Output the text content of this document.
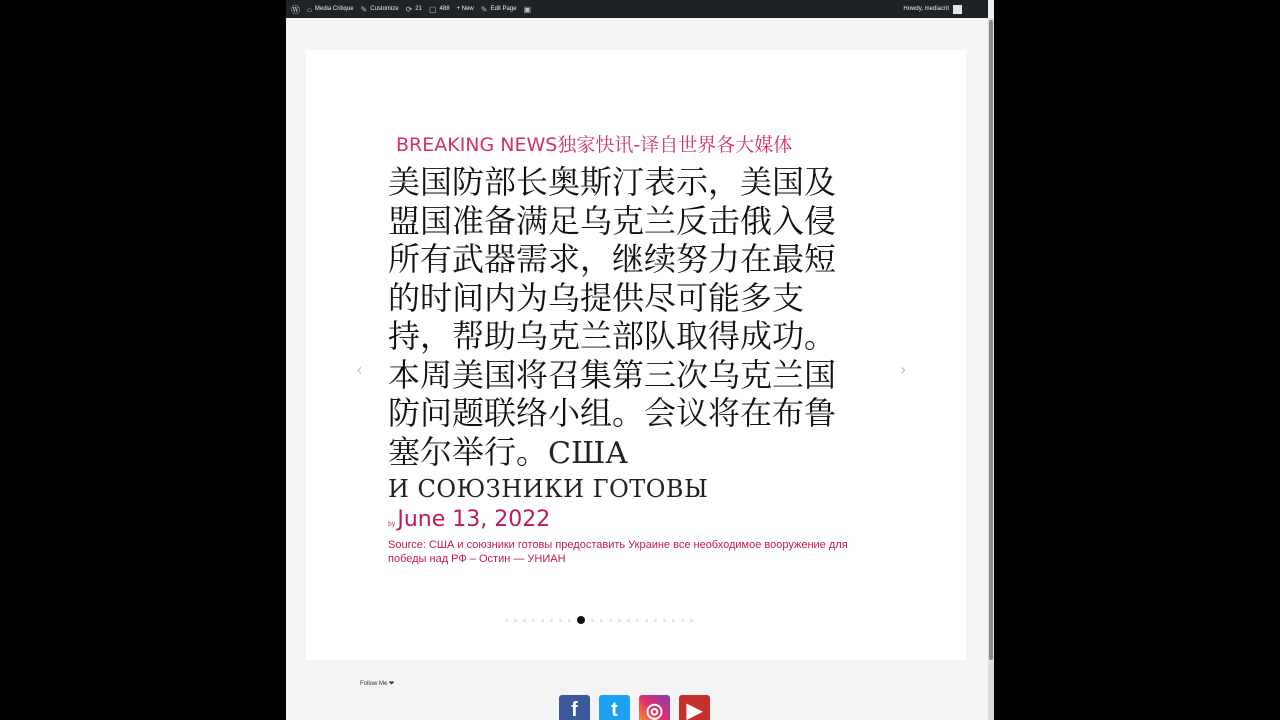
Ⓦ ⌂ Media Critique ✎ Customize ⟳ 21 ▢ 488 + New ✎ Edit Page ▣	Howdy, mediacrit
‹	›
BREAKING NEWS独家快讯-译自世界各大媒体
美国防部长奥斯汀表示，美国及盟国准备满足乌克兰反击俄入侵所有武器需求，继续努力在最短的时间内为乌提供尽可能多支持，帮助乌克兰部队取得成功。本周美国将召集第三次乌克兰国防问题联络小组。会议将在布鲁塞尔举行。США
И СОЮЗНИКИ ГОТОВЫ
by June 13, 2022
Source: США и союзники готовы предоставить Украине все необходимое вооружение для победы над РФ – Остин — УНИАН
Follow Me ❤
f	t	◎	▶
